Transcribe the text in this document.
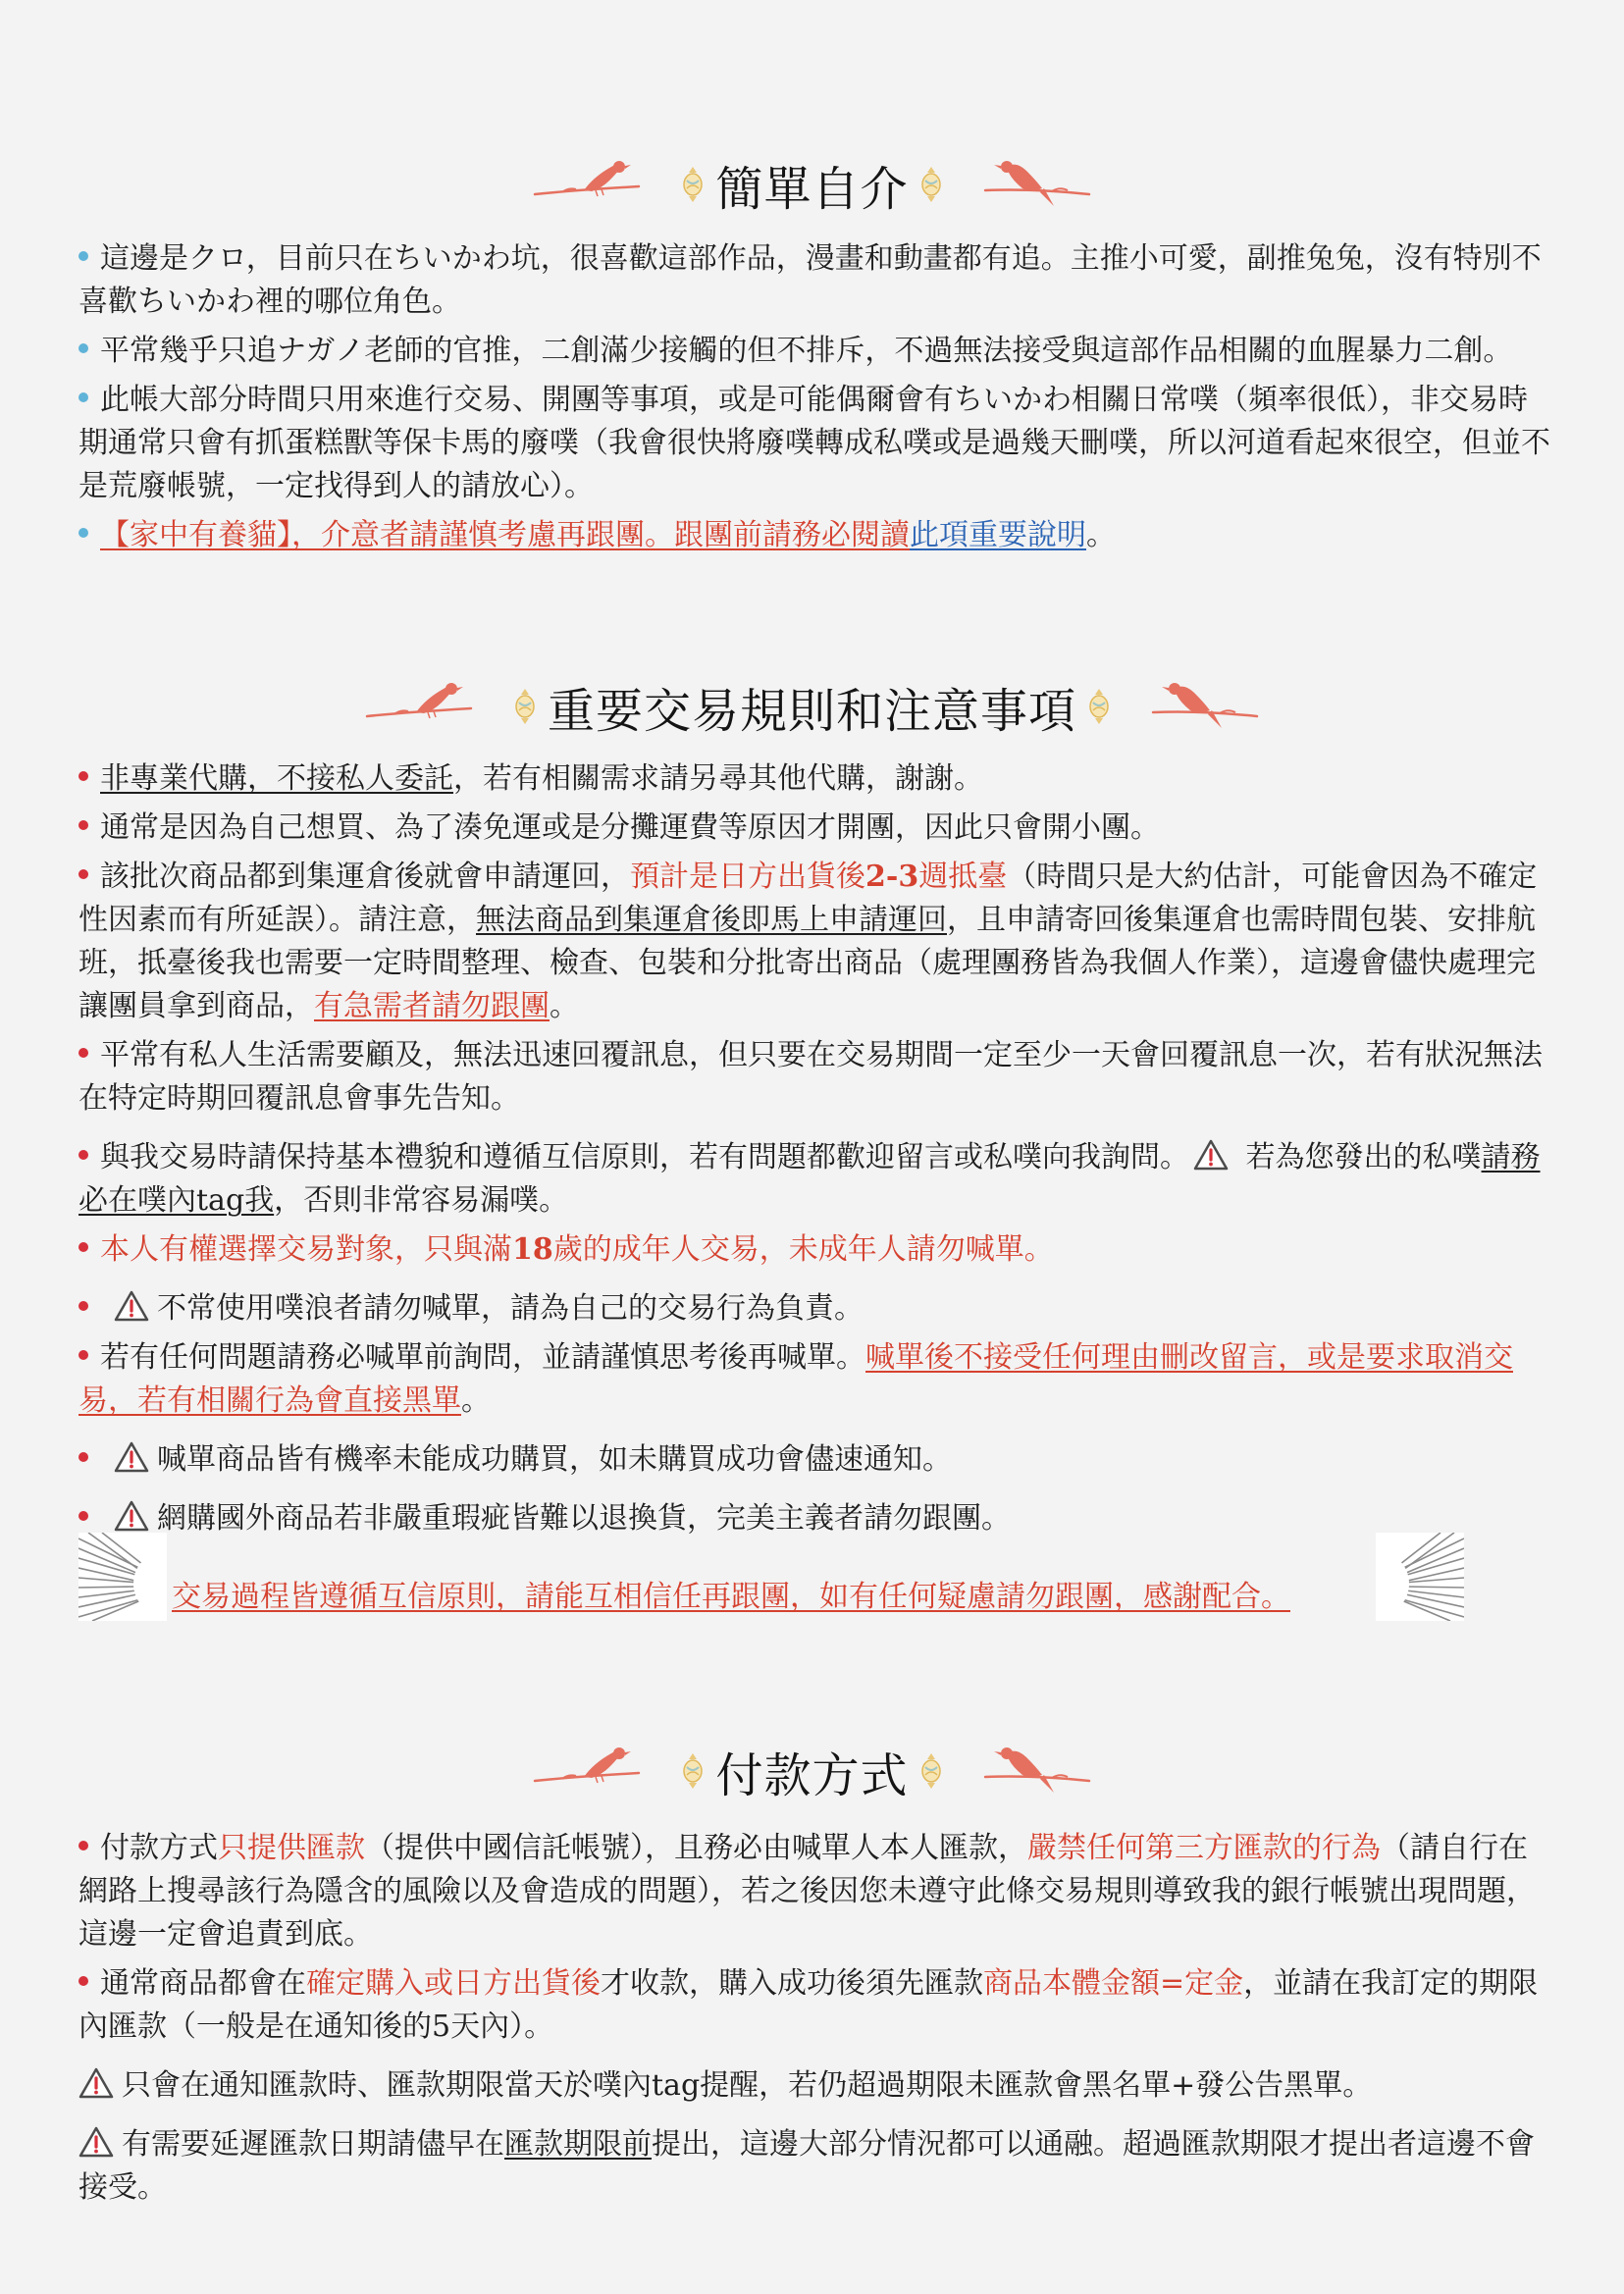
簡單自介

這邊是クロ，目前只在ちいかわ坑，很喜歡這部作品，漫畫和動畫都有追。主推小可愛，副推兔兔，沒有特別不喜歡ちいかわ裡的哪位角色。

平常幾乎只追ナガノ老師的官推，二創滿少接觸的但不排斥，不過無法接受與這部作品相關的血腥暴力二創。

此帳大部分時間只用來進行交易、開團等事項，或是可能偶爾會有ちいかわ相關日常噗（頻率很低），非交易時期通常只會有抓蛋糕獸等保卡馬的廢噗（我會很快將廢噗轉成私噗或是過幾天刪噗，所以河道看起來很空，但並不是荒廢帳號，一定找得到人的請放心）。

【家中有養貓】，介意者請謹慎考慮再跟團。跟團前請務必閱讀此項重要說明。

重要交易規則和注意事項

非專業代購，不接私人委託，若有相關需求請另尋其他代購，謝謝。

通常是因為自己想買、為了湊免運或是分攤運費等原因才開團，因此只會開小團。

該批次商品都到集運倉後就會申請運回，預計是日方出貨後2-3週抵臺（時間只是大約估計，可能會因為不確定性因素而有所延誤）。請注意，無法商品到集運倉後即馬上申請運回，且申請寄回後集運倉也需時間包裝、安排航班，抵臺後我也需要一定時間整理、檢查、包裝和分批寄出商品（處理團務皆為我個人作業），這邊會儘快處理完讓團員拿到商品，有急需者請勿跟團。

平常有私人生活需要顧及，無法迅速回覆訊息，但只要在交易期間一定至少一天會回覆訊息一次，若有狀況無法在特定時期回覆訊息會事先告知。

與我交易時請保持基本禮貌和遵循互信原則，若有問題都歡迎留言或私噗向我詢問。 若為您發出的私噗請務必在噗內tag我，否則非常容易漏噗。

本人有權選擇交易對象，只與滿18歲的成年人交易，未成年人請勿喊單。

不常使用噗浪者請勿喊單，請為自己的交易行為負責。

若有任何問題請務必喊單前詢問，並請謹慎思考後再喊單。喊單後不接受任何理由刪改留言，或是要求取消交易，若有相關行為會直接黑單。

喊單商品皆有機率未能成功購買，如未購買成功會儘速通知。

網購國外商品若非嚴重瑕疵皆難以退換貨，完美主義者請勿跟團。

交易過程皆遵循互信原則，請能互相信任再跟團，如有任何疑慮請勿跟團，感謝配合。
付款方式

付款方式只提供匯款（提供中國信託帳號），且務必由喊單人本人匯款，嚴禁任何第三方匯款的行為（請自行在網路上搜尋該行為隱含的風險以及會造成的問題），若之後因您未遵守此條交易規則導致我的銀行帳號出現問題，這邊一定會追責到底。

通常商品都會在確定購入或日方出貨後才收款，購入成功後須先匯款商品本體金額=定金，並請在我訂定的期限內匯款（一般是在通知後的5天內）。

只會在通知匯款時、匯款期限當天於噗內tag提醒，若仍超過期限未匯款會黑名單+發公告黑單。

有需要延遲匯款日期請儘早在匯款期限前提出，這邊大部分情況都可以通融。超過匯款期限才提出者這邊不會接受。
